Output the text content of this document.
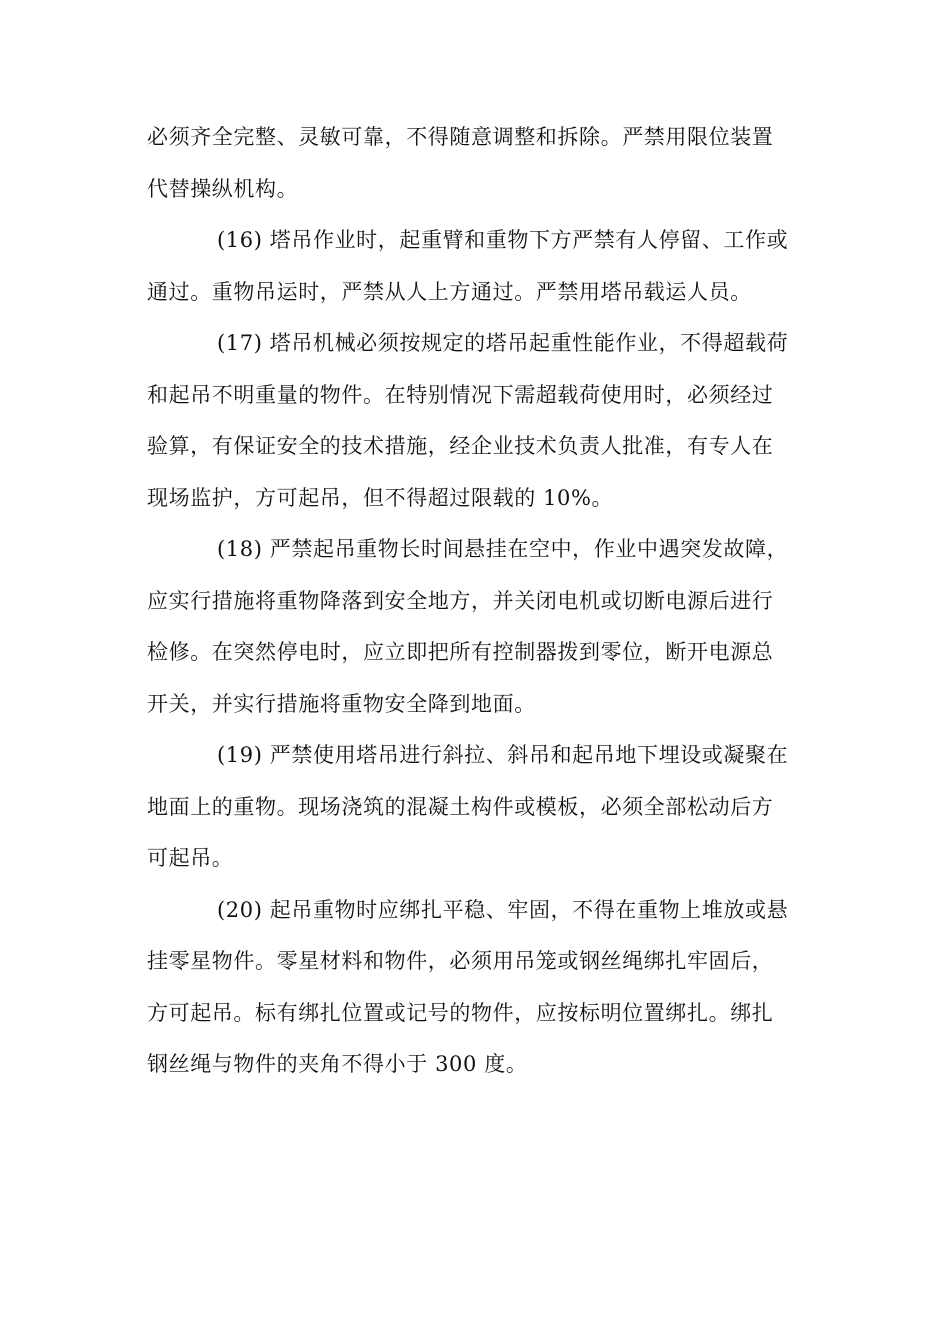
必须齐全完整、灵敏可靠，不得随意调整和拆除。严禁用限位装置
代替操纵机构。

(16) 塔吊作业时，起重臂和重物下方严禁有人停留、工作或
通过。重物吊运时，严禁从人上方通过。严禁用塔吊载运人员。

(17) 塔吊机械必须按规定的塔吊起重性能作业，不得超载荷
和起吊不明重量的物件。在特别情况下需超载荷使用时，必须经过
验算，有保证安全的技术措施，经企业技术负责人批准，有专人在
现场监护，方可起吊，但不得超过限载的 10%。

(18) 严禁起吊重物长时间悬挂在空中，作业中遇突发故障，
应实行措施将重物降落到安全地方，并关闭电机或切断电源后进行
检修。在突然停电时，应立即把所有控制器拨到零位，断开电源总
开关，并实行措施将重物安全降到地面。

(19) 严禁使用塔吊进行斜拉、斜吊和起吊地下埋设或凝聚在
地面上的重物。现场浇筑的混凝土构件或模板，必须全部松动后方
可起吊。

(20) 起吊重物时应绑扎平稳、牢固，不得在重物上堆放或悬
挂零星物件。零星材料和物件，必须用吊笼或钢丝绳绑扎牢固后，
方可起吊。标有绑扎位置或记号的物件，应按标明位置绑扎。绑扎
钢丝绳与物件的夹角不得小于 300 度。
